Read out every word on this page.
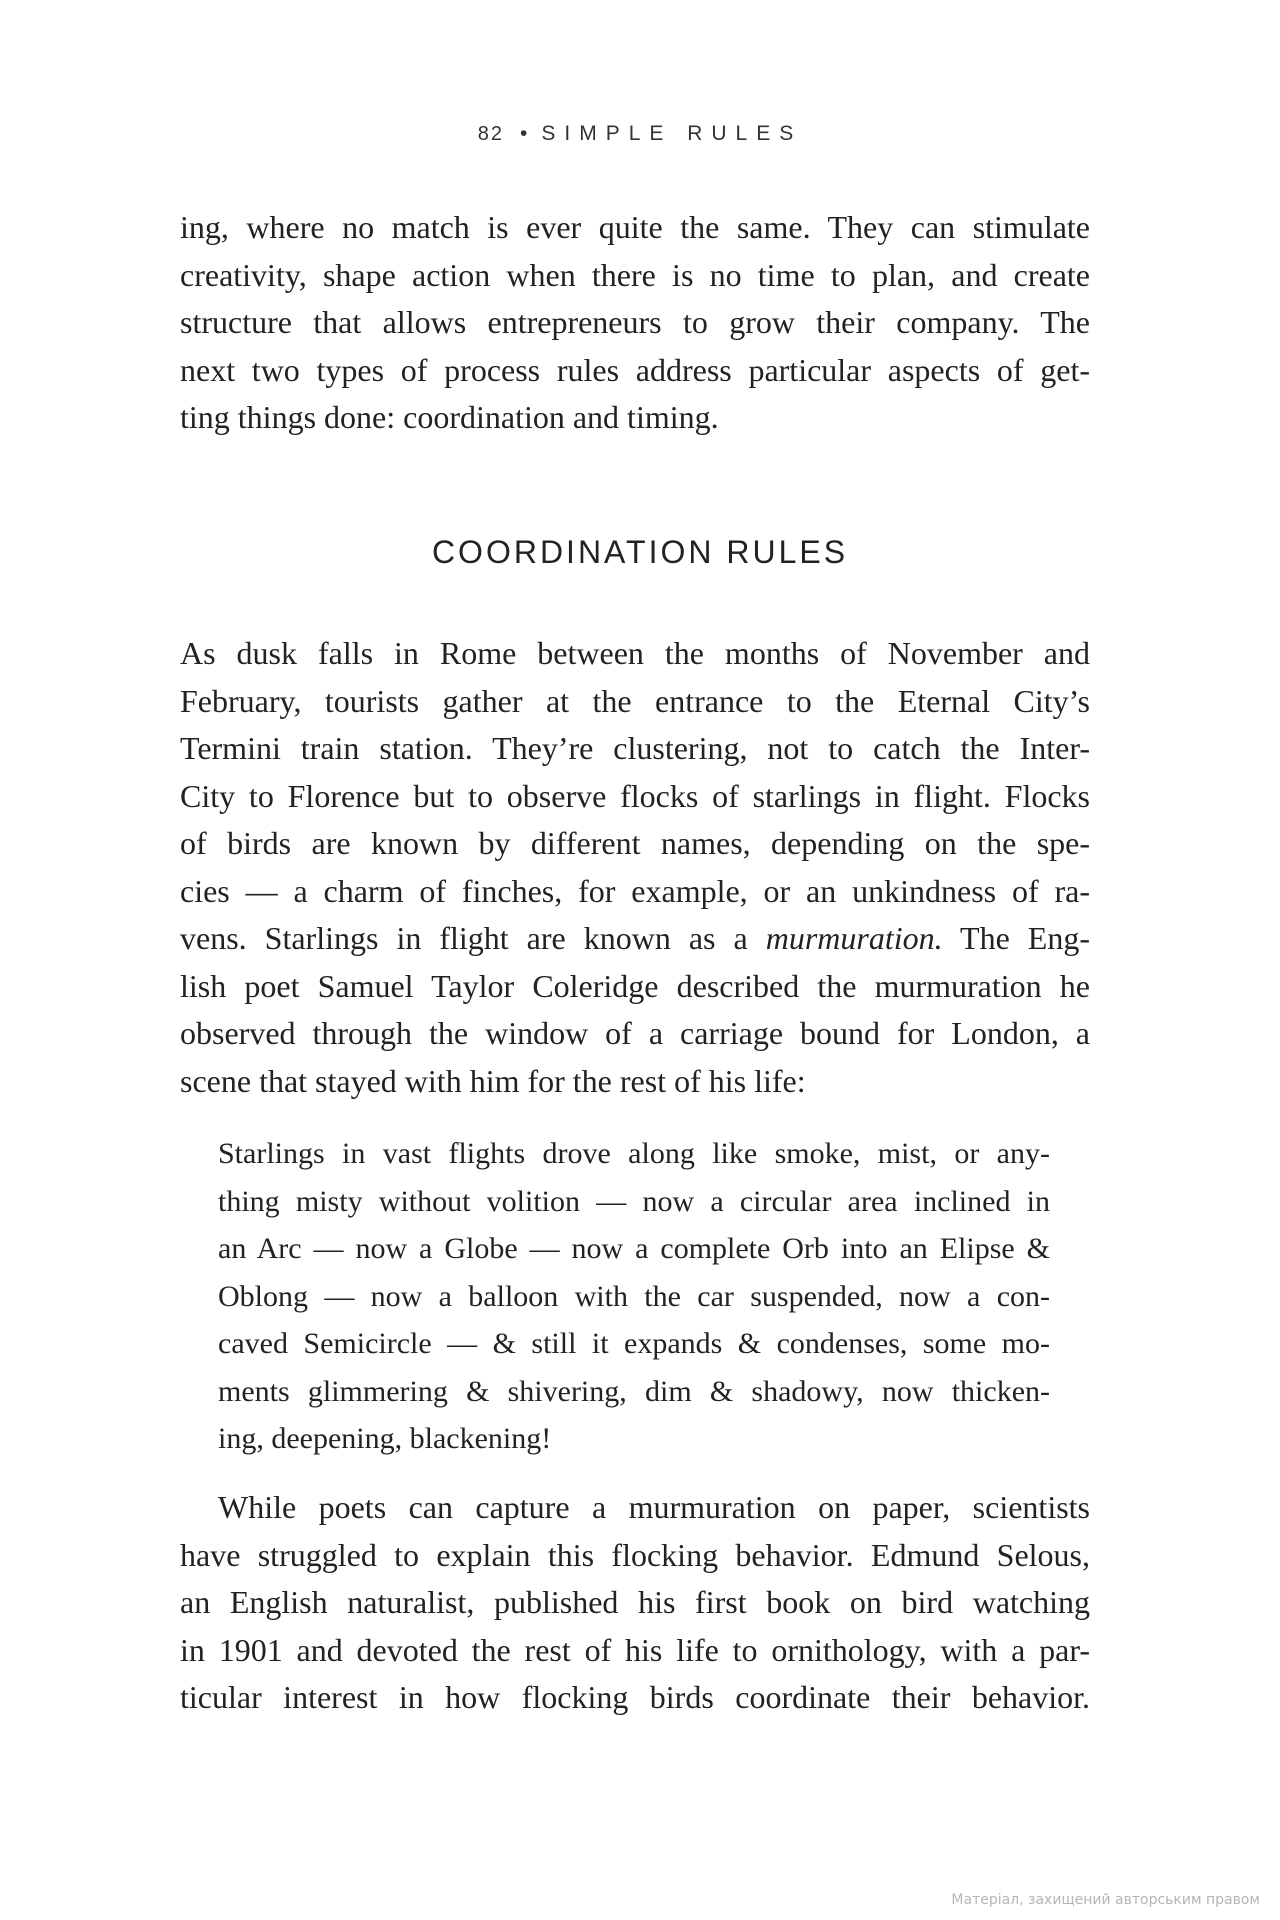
82 • SIMPLE RULES
ing, where no match is ever quite the same. They can stimulate
creativity, shape action when there is no time to plan, and create
structure that allows entrepreneurs to grow their company. The
next two types of process rules address particular aspects of get-
ting things done: coordination and timing.
COORDINATION RULES
As dusk falls in Rome between the months of November and
February, tourists gather at the entrance to the Eternal City’s
Termini train station. They’re clustering, not to catch the Inter-
City to Florence but to observe flocks of starlings in flight. Flocks
of birds are known by different names, depending on the spe-
cies — a charm of finches, for example, or an unkindness of ra-
vens. Starlings in flight are known as a murmuration. The Eng-
lish poet Samuel Taylor Coleridge described the murmuration he
observed through the window of a carriage bound for London, a
scene that stayed with him for the rest of his life:
Starlings in vast flights drove along like smoke, mist, or any-
thing misty without volition — now a circular area inclined in
an Arc — now a Globe — now a complete Orb into an Elipse &
Oblong — now a balloon with the car suspended, now a con-
caved Semicircle — & still it expands & condenses, some mo-
ments glimmering & shivering, dim & shadowy, now thicken-
ing, deepening, blackening!
While poets can capture a murmuration on paper, scientists
have struggled to explain this flocking behavior. Edmund Selous,
an English naturalist, published his first book on bird watching
in 1901 and devoted the rest of his life to ornithology, with a par-
ticular interest in how flocking birds coordinate their behavior.
Матеріал, захищений авторським правом
